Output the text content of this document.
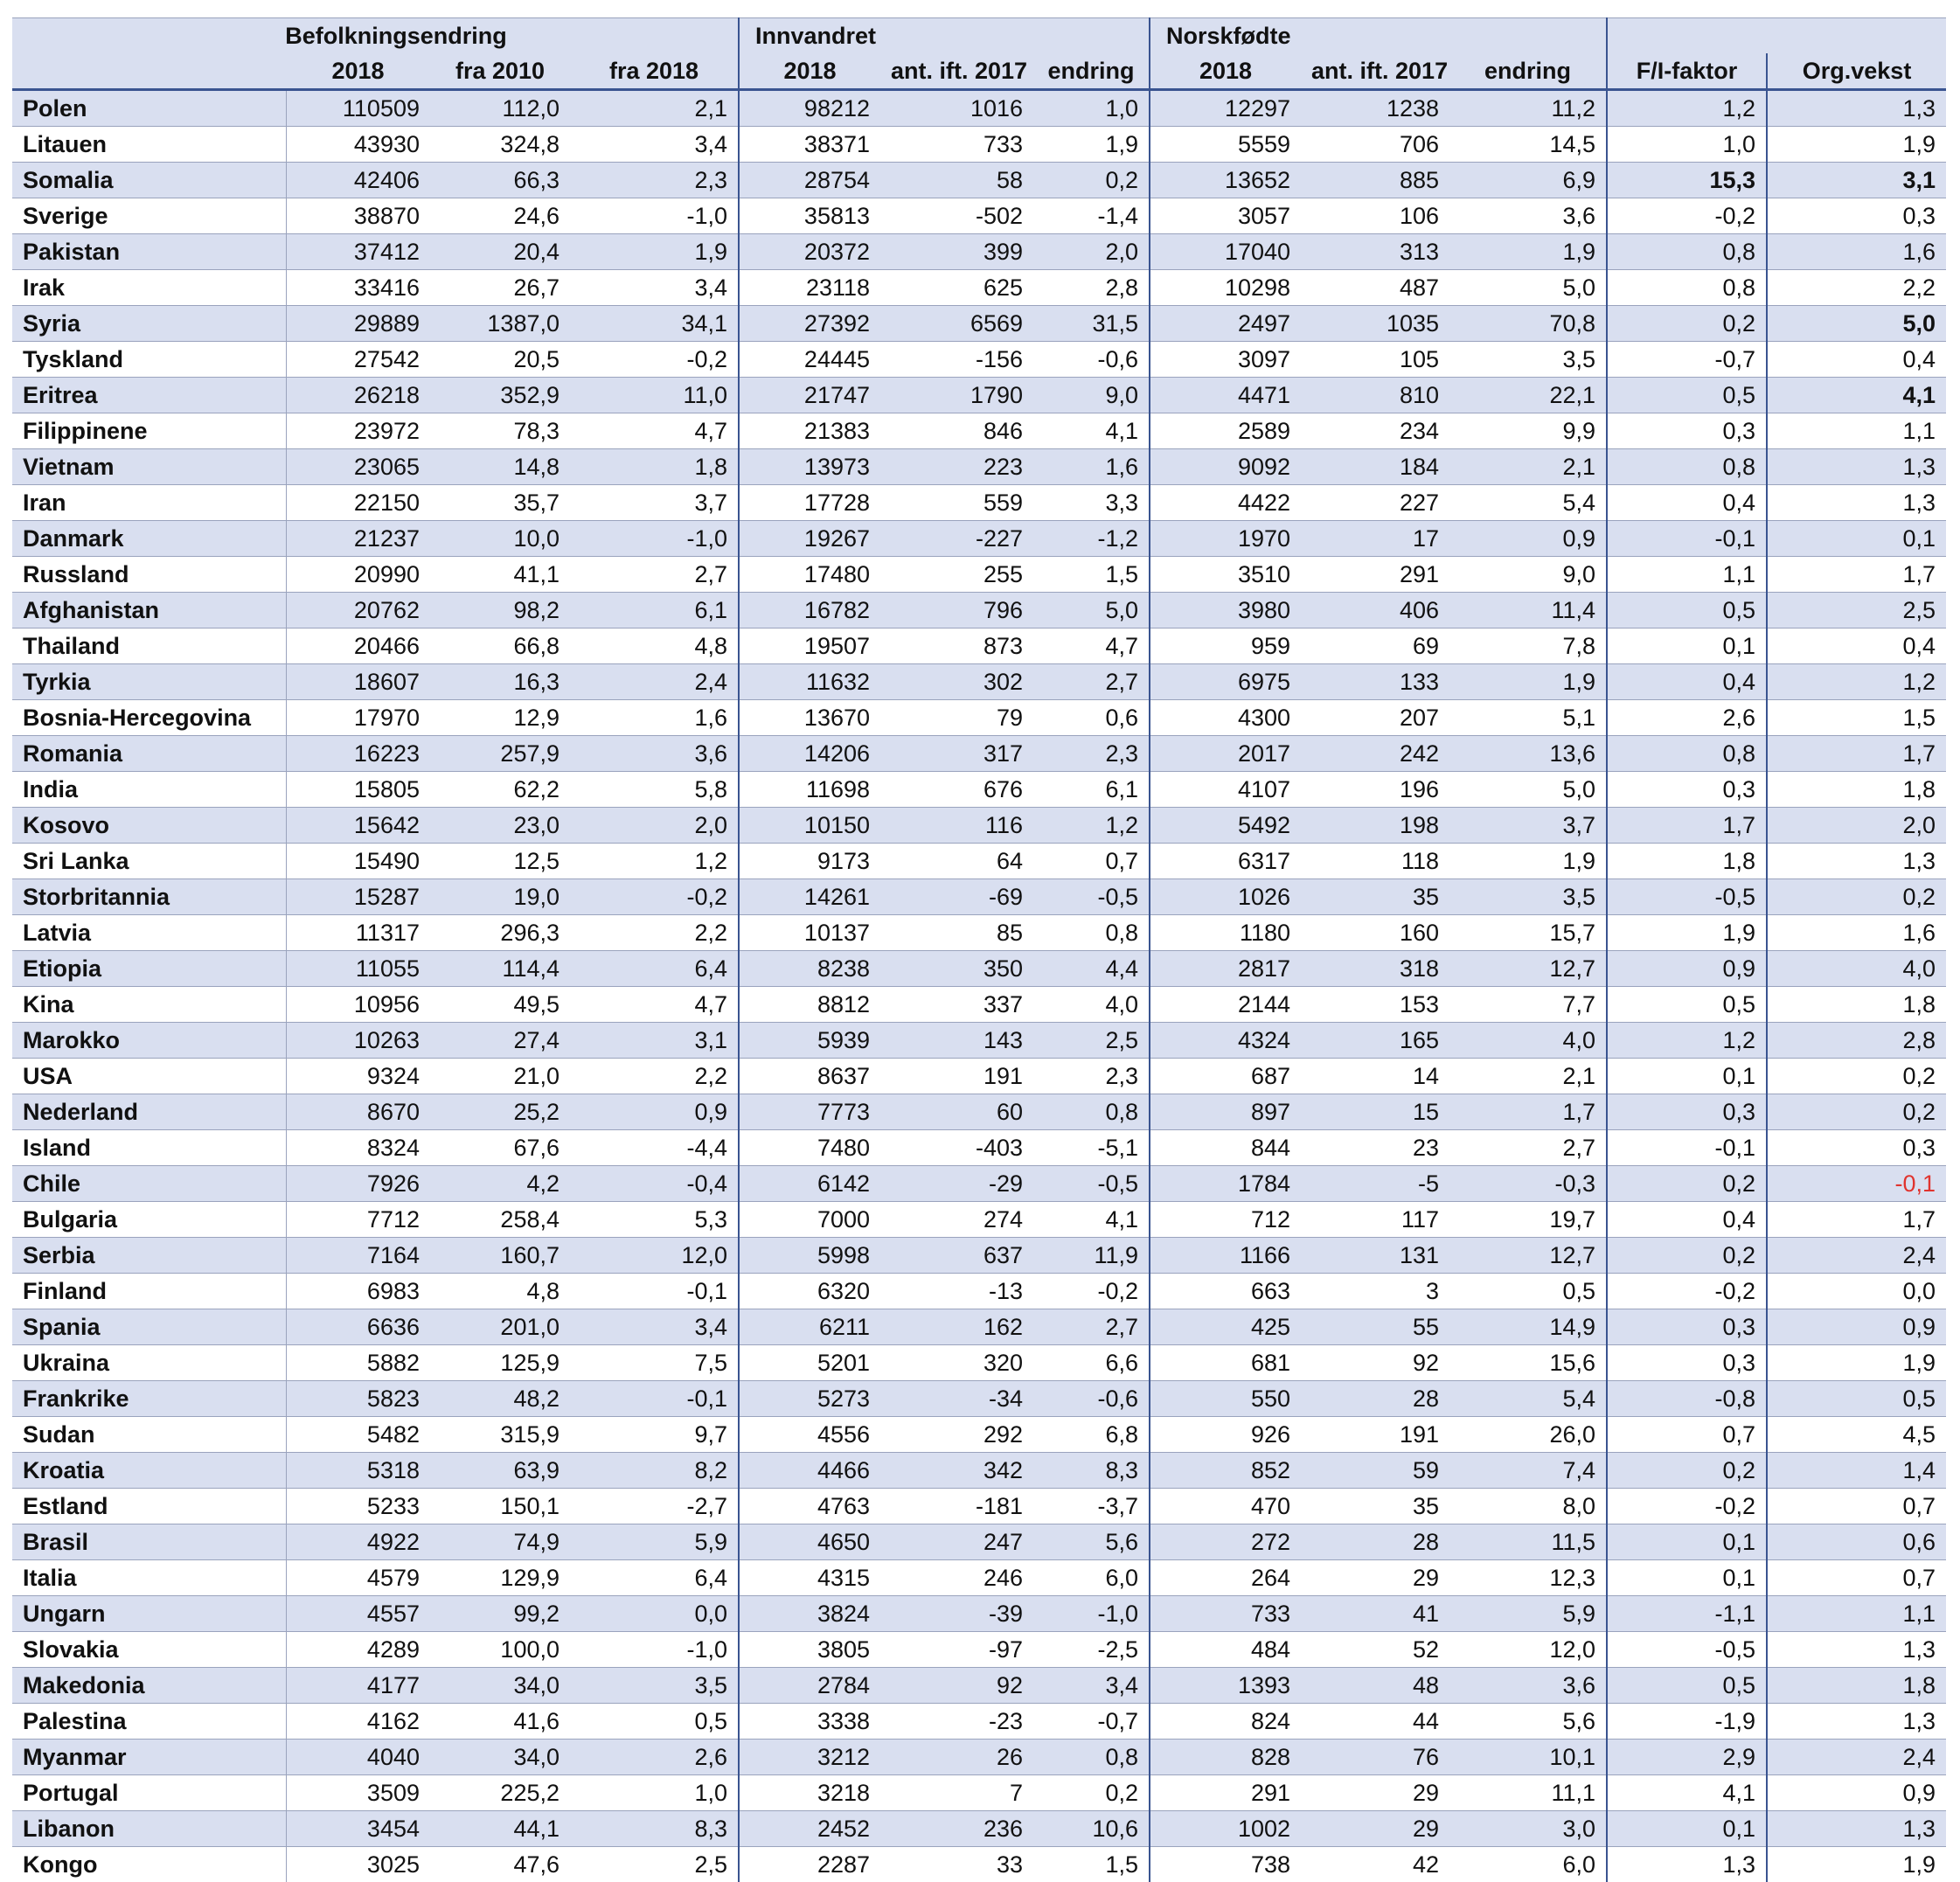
Befolkningsendring				Innvandret			Norskfødte				
	2018	fra 2010	fra 2018	2018	ant. ift. 2017	endring	2018	ant. ift. 2017	endring	F/I-faktor	Org.vekst
Polen	110509	112,0	2,1	98212	1016	1,0	12297	1238	11,2	1,2	1,3
Litauen	43930	324,8	3,4	38371	733	1,9	5559	706	14,5	1,0	1,9
Somalia	42406	66,3	2,3	28754	58	0,2	13652	885	6,9	15,3	3,1
Sverige	38870	24,6	-1,0	35813	-502	-1,4	3057	106	3,6	-0,2	0,3
Pakistan	37412	20,4	1,9	20372	399	2,0	17040	313	1,9	0,8	1,6
Irak	33416	26,7	3,4	23118	625	2,8	10298	487	5,0	0,8	2,2
Syria	29889	1387,0	34,1	27392	6569	31,5	2497	1035	70,8	0,2	5,0
Tyskland	27542	20,5	-0,2	24445	-156	-0,6	3097	105	3,5	-0,7	0,4
Eritrea	26218	352,9	11,0	21747	1790	9,0	4471	810	22,1	0,5	4,1
Filippinene	23972	78,3	4,7	21383	846	4,1	2589	234	9,9	0,3	1,1
Vietnam	23065	14,8	1,8	13973	223	1,6	9092	184	2,1	0,8	1,3
Iran	22150	35,7	3,7	17728	559	3,3	4422	227	5,4	0,4	1,3
Danmark	21237	10,0	-1,0	19267	-227	-1,2	1970	17	0,9	-0,1	0,1
Russland	20990	41,1	2,7	17480	255	1,5	3510	291	9,0	1,1	1,7
Afghanistan	20762	98,2	6,1	16782	796	5,0	3980	406	11,4	0,5	2,5
Thailand	20466	66,8	4,8	19507	873	4,7	959	69	7,8	0,1	0,4
Tyrkia	18607	16,3	2,4	11632	302	2,7	6975	133	1,9	0,4	1,2
Bosnia-Hercegovina	17970	12,9	1,6	13670	79	0,6	4300	207	5,1	2,6	1,5
Romania	16223	257,9	3,6	14206	317	2,3	2017	242	13,6	0,8	1,7
India	15805	62,2	5,8	11698	676	6,1	4107	196	5,0	0,3	1,8
Kosovo	15642	23,0	2,0	10150	116	1,2	5492	198	3,7	1,7	2,0
Sri Lanka	15490	12,5	1,2	9173	64	0,7	6317	118	1,9	1,8	1,3
Storbritannia	15287	19,0	-0,2	14261	-69	-0,5	1026	35	3,5	-0,5	0,2
Latvia	11317	296,3	2,2	10137	85	0,8	1180	160	15,7	1,9	1,6
Etiopia	11055	114,4	6,4	8238	350	4,4	2817	318	12,7	0,9	4,0
Kina	10956	49,5	4,7	8812	337	4,0	2144	153	7,7	0,5	1,8
Marokko	10263	27,4	3,1	5939	143	2,5	4324	165	4,0	1,2	2,8
USA	9324	21,0	2,2	8637	191	2,3	687	14	2,1	0,1	0,2
Nederland	8670	25,2	0,9	7773	60	0,8	897	15	1,7	0,3	0,2
Island	8324	67,6	-4,4	7480	-403	-5,1	844	23	2,7	-0,1	0,3
Chile	7926	4,2	-0,4	6142	-29	-0,5	1784	-5	-0,3	0,2	-0,1
Bulgaria	7712	258,4	5,3	7000	274	4,1	712	117	19,7	0,4	1,7
Serbia	7164	160,7	12,0	5998	637	11,9	1166	131	12,7	0,2	2,4
Finland	6983	4,8	-0,1	6320	-13	-0,2	663	3	0,5	-0,2	0,0
Spania	6636	201,0	3,4	6211	162	2,7	425	55	14,9	0,3	0,9
Ukraina	5882	125,9	7,5	5201	320	6,6	681	92	15,6	0,3	1,9
Frankrike	5823	48,2	-0,1	5273	-34	-0,6	550	28	5,4	-0,8	0,5
Sudan	5482	315,9	9,7	4556	292	6,8	926	191	26,0	0,7	4,5
Kroatia	5318	63,9	8,2	4466	342	8,3	852	59	7,4	0,2	1,4
Estland	5233	150,1	-2,7	4763	-181	-3,7	470	35	8,0	-0,2	0,7
Brasil	4922	74,9	5,9	4650	247	5,6	272	28	11,5	0,1	0,6
Italia	4579	129,9	6,4	4315	246	6,0	264	29	12,3	0,1	0,7
Ungarn	4557	99,2	0,0	3824	-39	-1,0	733	41	5,9	-1,1	1,1
Slovakia	4289	100,0	-1,0	3805	-97	-2,5	484	52	12,0	-0,5	1,3
Makedonia	4177	34,0	3,5	2784	92	3,4	1393	48	3,6	0,5	1,8
Palestina	4162	41,6	0,5	3338	-23	-0,7	824	44	5,6	-1,9	1,3
Myanmar	4040	34,0	2,6	3212	26	0,8	828	76	10,1	2,9	2,4
Portugal	3509	225,2	1,0	3218	7	0,2	291	29	11,1	4,1	0,9
Libanon	3454	44,1	8,3	2452	236	10,6	1002	29	3,0	0,1	1,3
Kongo	3025	47,6	2,5	2287	33	1,5	738	42	6,0	1,3	1,9
